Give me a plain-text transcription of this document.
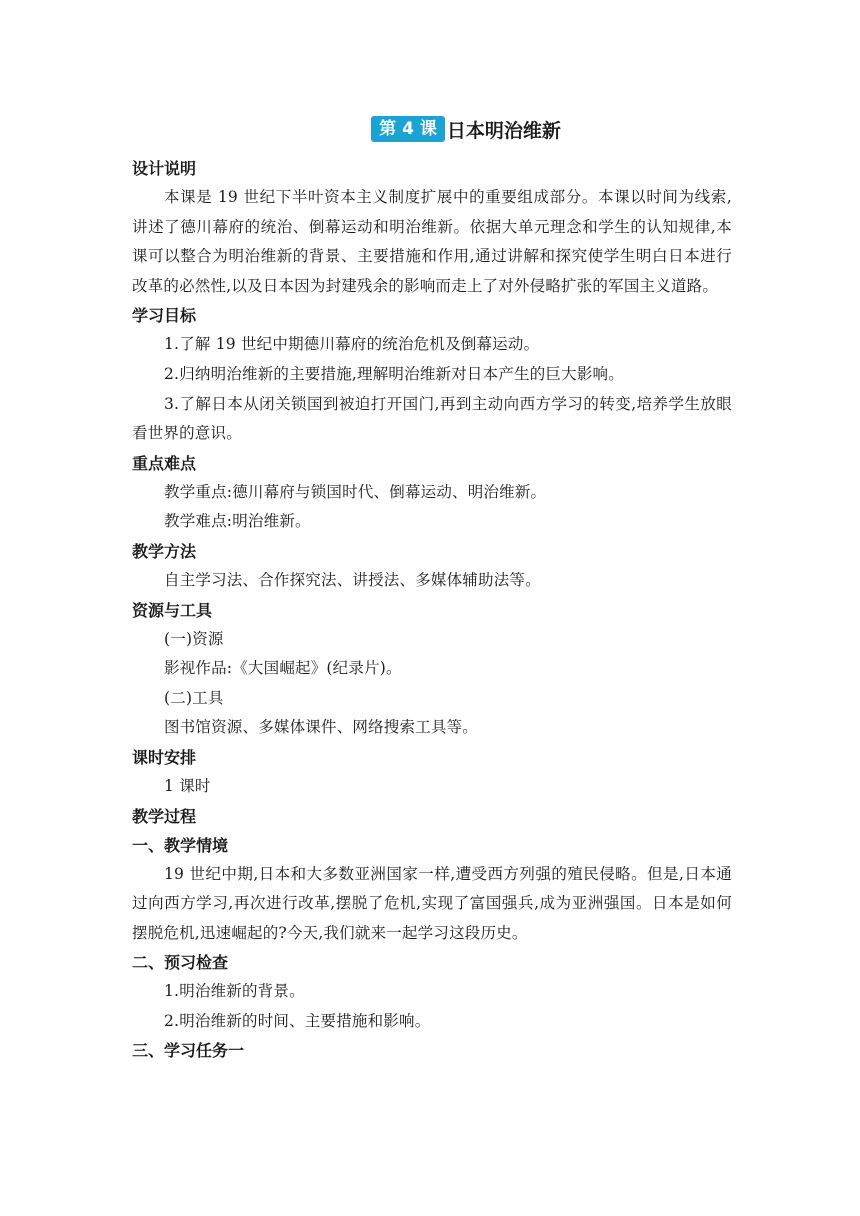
第 4 课 日本明治维新
设计说明

本课是 19 世纪下半叶资本主义制度扩展中的重要组成部分。本课以时间为线索,讲述了德川幕府的统治、倒幕运动和明治维新。依据大单元理念和学生的认知规律,本课可以整合为明治维新的背景、主要措施和作用,通过讲解和探究使学生明白日本进行改革的必然性,以及日本因为封建残余的影响而走上了对外侵略扩张的军国主义道路。

学习目标

1.了解 19 世纪中期德川幕府的统治危机及倒幕运动。

2.归纳明治维新的主要措施,理解明治维新对日本产生的巨大影响。

3.了解日本从闭关锁国到被迫打开国门,再到主动向西方学习的转变,培养学生放眼看世界的意识。

重点难点

教学重点:德川幕府与锁国时代、倒幕运动、明治维新。

教学难点:明治维新。

教学方法

自主学习法、合作探究法、讲授法、多媒体辅助法等。

资源与工具

(一)资源

影视作品:《大国崛起》(纪录片)。

(二)工具

图书馆资源、多媒体课件、网络搜索工具等。

课时安排

1 课时

教学过程
一、教学情境

19 世纪中期,日本和大多数亚洲国家一样,遭受西方列强的殖民侵略。但是,日本通过向西方学习,再次进行改革,摆脱了危机,实现了富国强兵,成为亚洲强国。日本是如何摆脱危机,迅速崛起的?今天,我们就来一起学习这段历史。

二、预习检查

1.明治维新的背景。

2.明治维新的时间、主要措施和影响。

三、学习任务一
